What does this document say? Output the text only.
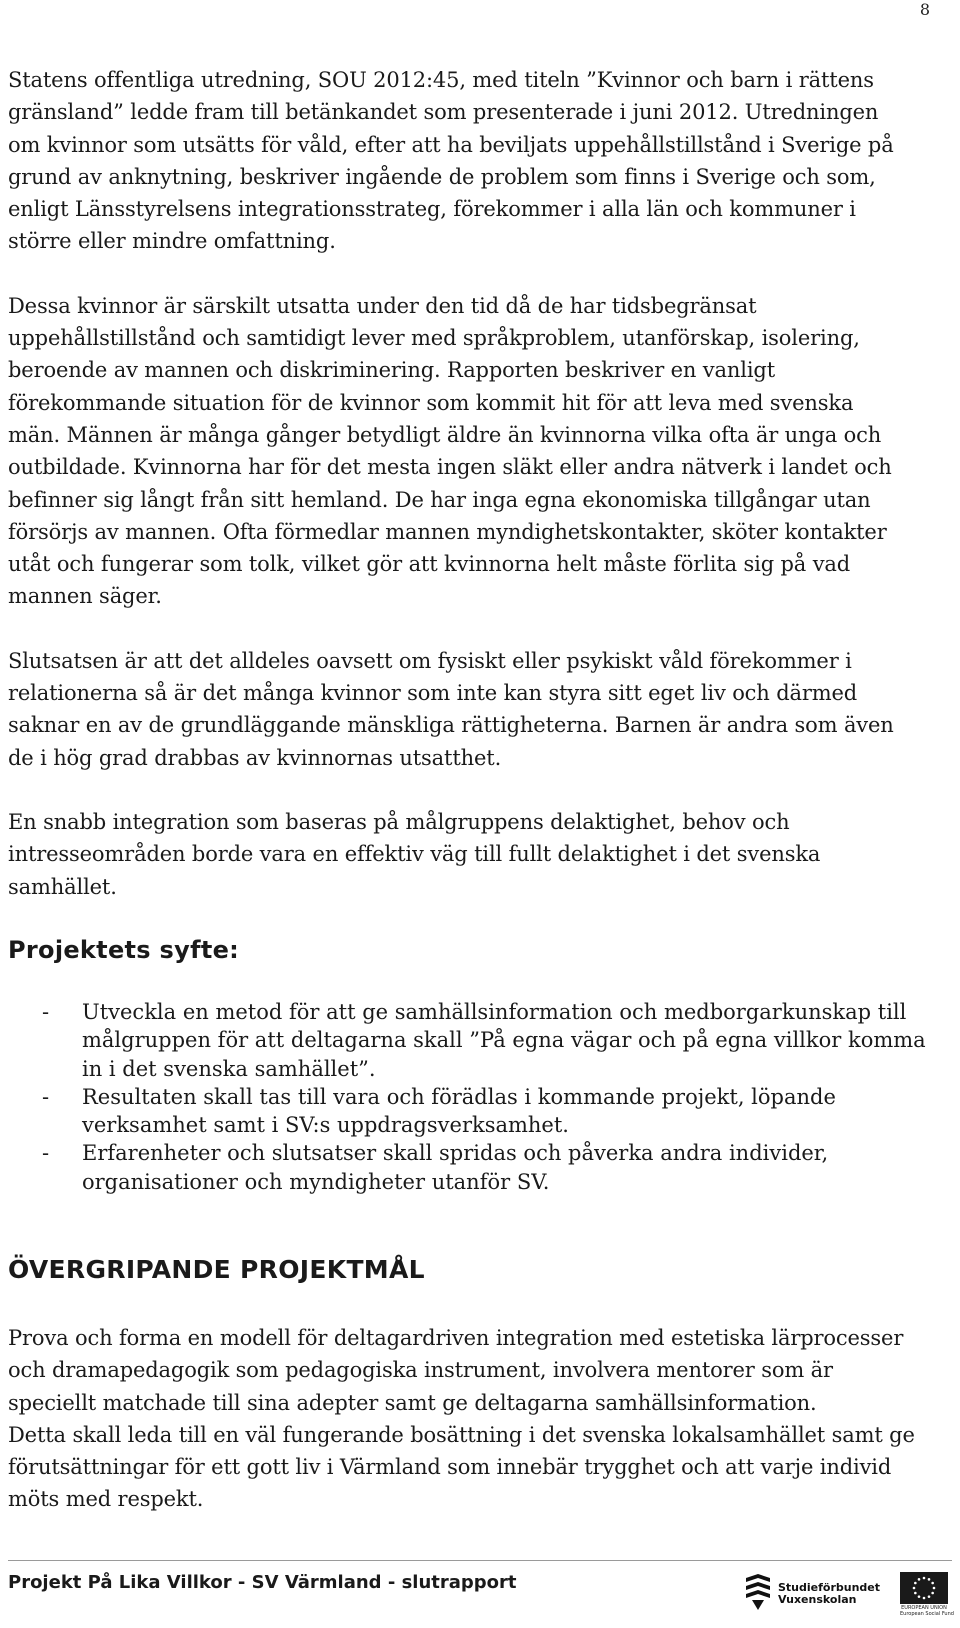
8

Statens offentliga utredning, SOU 2012:45, med titeln ”Kvinnor och barn i rättens
gränsland” ledde fram till betänkandet som presenterade i juni 2012. Utredningen
om kvinnor som utsätts för våld, efter att ha beviljats uppehållstillstånd i Sverige på
grund av anknytning, beskriver ingående de problem som finns i Sverige och som,
enligt Länsstyrelsens integrationsstrateg, förekommer i alla län och kommuner i
större eller mindre omfattning.

Dessa kvinnor är särskilt utsatta under den tid då de har tidsbegränsat
uppehållstillstånd och samtidigt lever med språkproblem, utanförskap, isolering,
beroende av mannen och diskriminering. Rapporten beskriver en vanligt
förekommande situation för de kvinnor som kommit hit för att leva med svenska
män. Männen är många gånger betydligt äldre än kvinnorna vilka ofta är unga och
outbildade. Kvinnorna har för det mesta ingen släkt eller andra nätverk i landet och
befinner sig långt från sitt hemland. De har inga egna ekonomiska tillgångar utan
försörjs av mannen. Ofta förmedlar mannen myndighetskontakter, sköter kontakter
utåt och fungerar som tolk, vilket gör att kvinnorna helt måste förlita sig på vad
mannen säger.

Slutsatsen är att det alldeles oavsett om fysiskt eller psykiskt våld förekommer i
relationerna så är det många kvinnor som inte kan styra sitt eget liv och därmed
saknar en av de grundläggande mänskliga rättigheterna. Barnen är andra som även
de i hög grad drabbas av kvinnornas utsatthet.

En snabb integration som baseras på målgruppens delaktighet, behov och
intresseområden borde vara en effektiv väg till fullt delaktighet i det svenska
samhället.

Projektets syfte:
- Utveckla en metod för att ge samhällsinformation och medborgarkunskap till
målgruppen för att deltagarna skall ”På egna vägar och på egna villkor komma
in i det svenska samhället”.
- Resultaten skall tas till vara och förädlas i kommande projekt, löpande
verksamhet samt i SV:s uppdragsverksamhet.
- Erfarenheter och slutsatser skall spridas och påverka andra individer,
organisationer och myndigheter utanför SV.
ÖVERGRIPANDE PROJEKTMÅL

Prova och forma en modell för deltagardriven integration med estetiska lärprocesser
och dramapedagogik som pedagogiska instrument, involvera mentorer som är
speciellt matchade till sina adepter samt ge deltagarna samhällsinformation.
Detta skall leda till en väl fungerande bosättning i det svenska lokalsamhället samt ge
förutsättningar för ett gott liv i Värmland som innebär trygghet och att varje individ
möts med respekt.

Projekt På Lika Villkor - SV Värmland - slutrapport	Studieförbundet
Vuxenskolan
EUROPEAN UNION
European Social Fund
